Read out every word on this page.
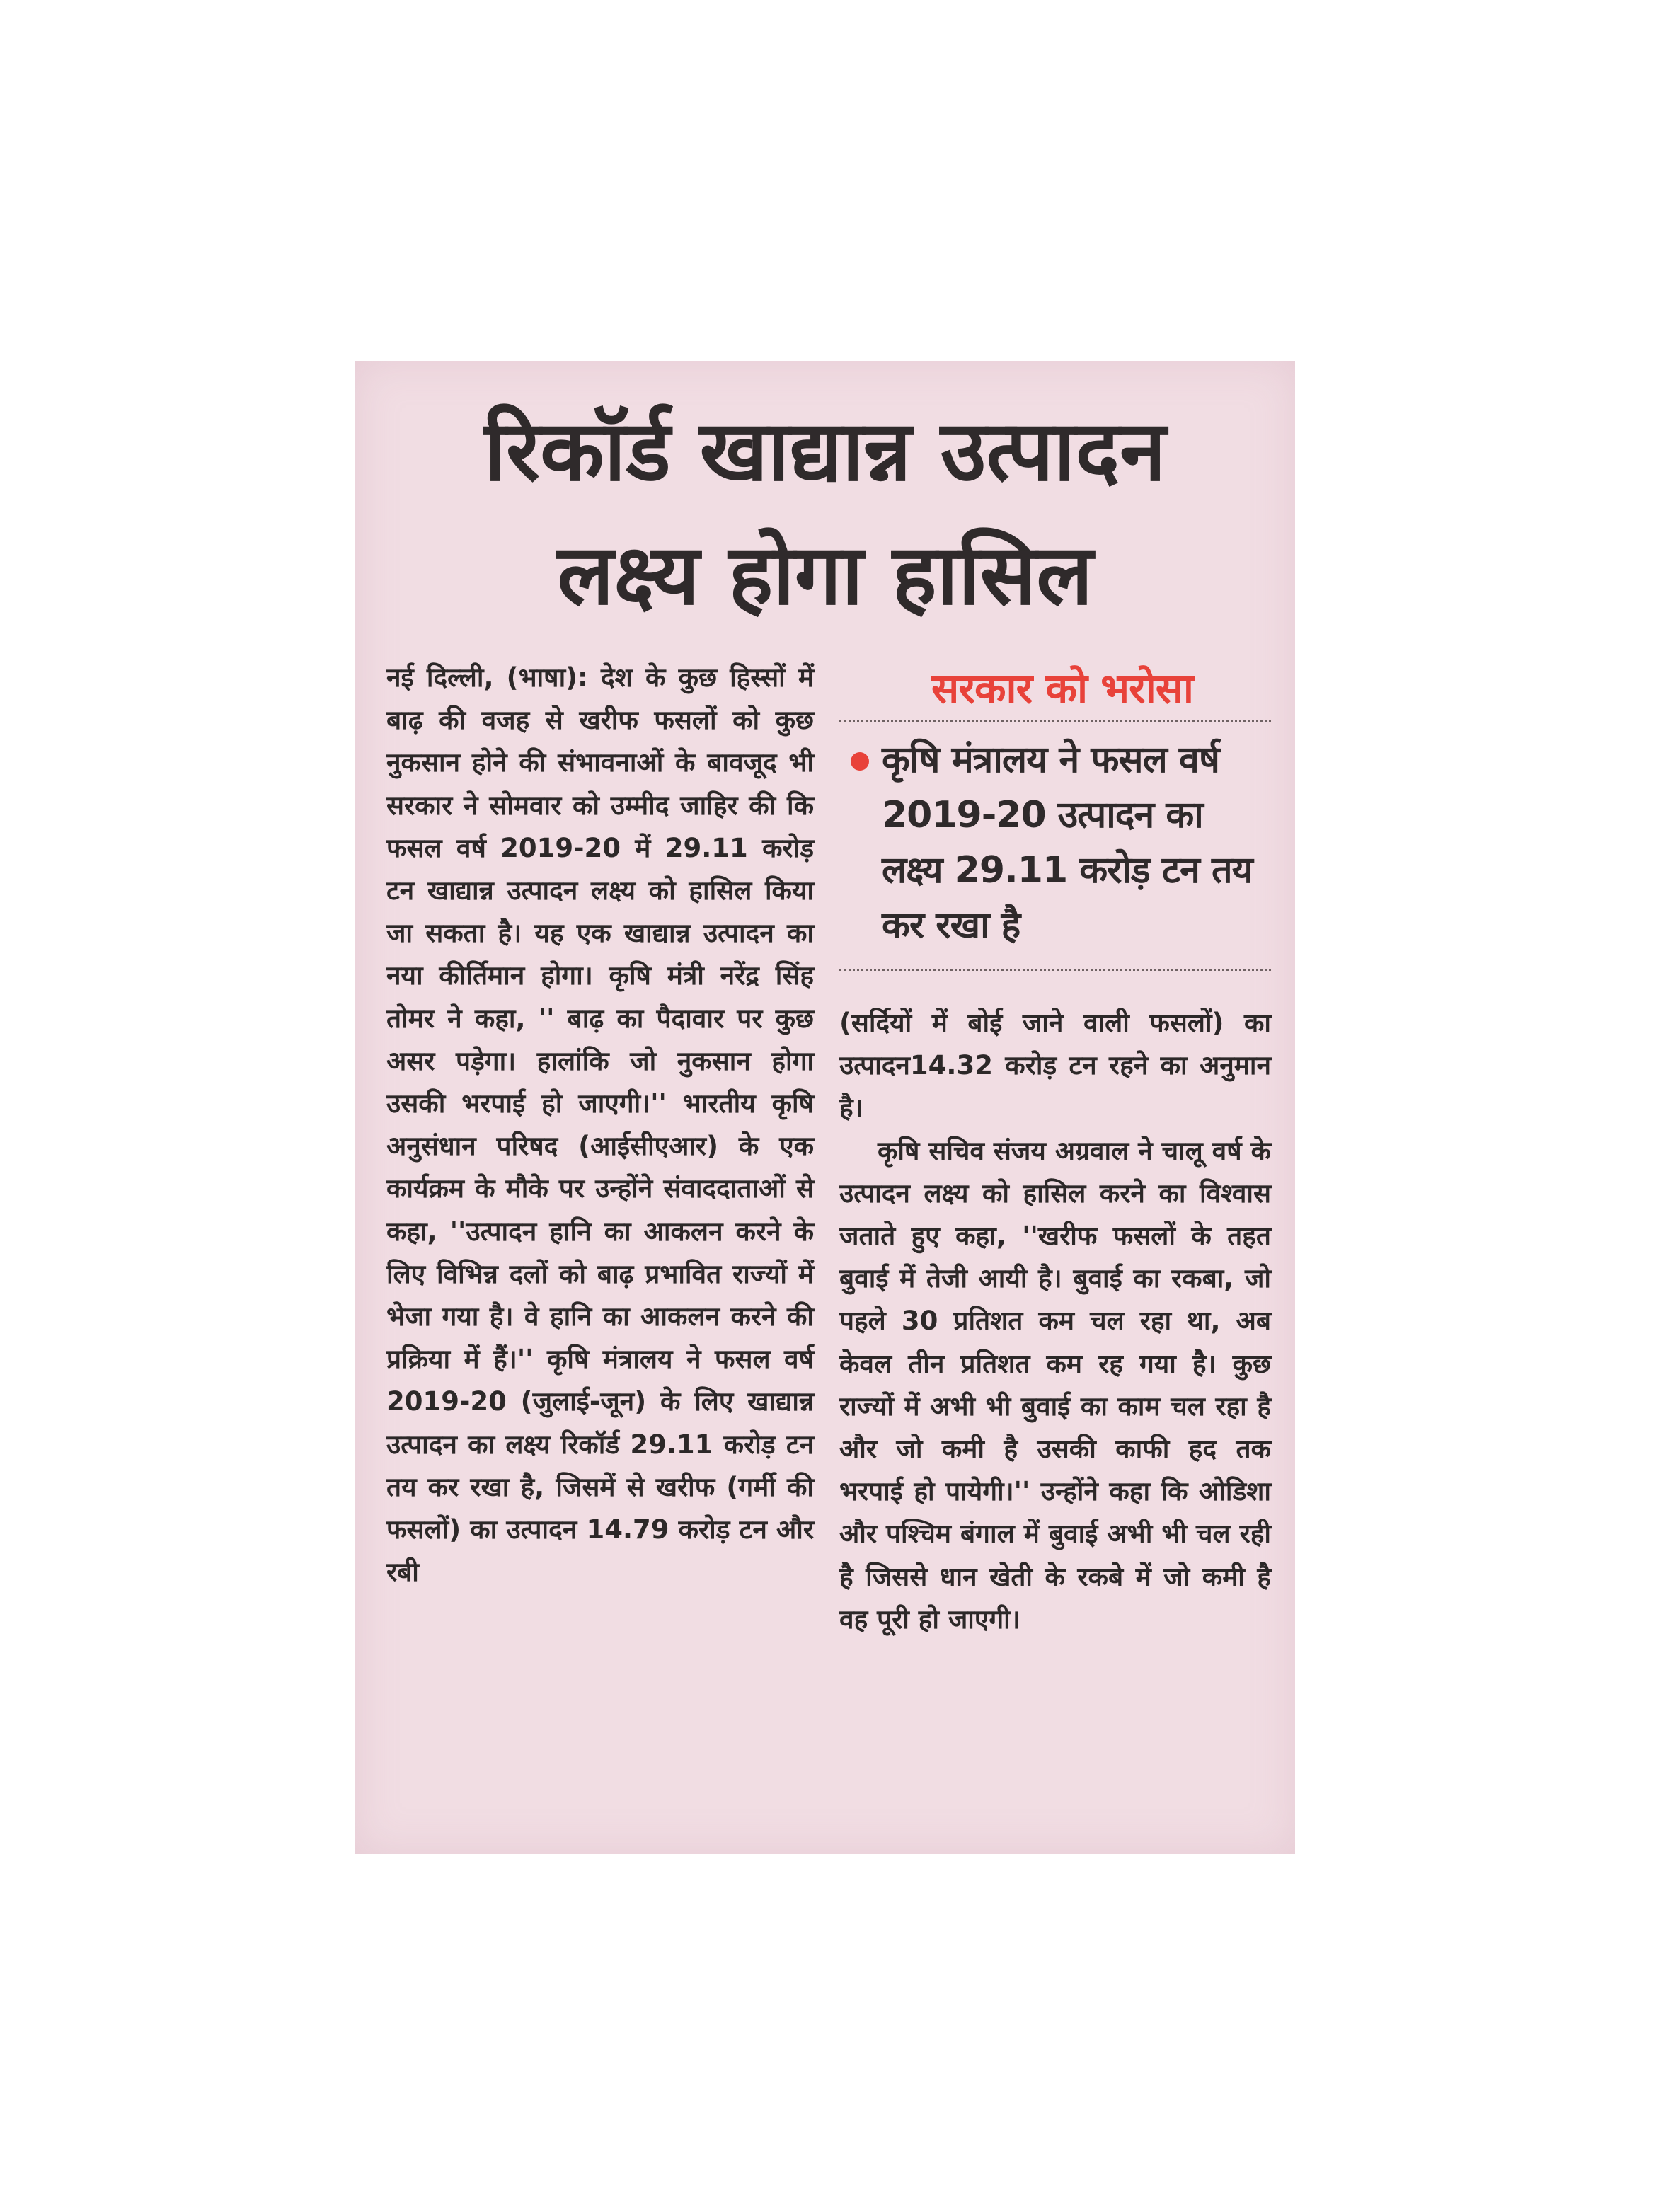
रिकॉर्ड खाद्यान्न उत्पादन
लक्ष्य होगा हासिल

नई दिल्ली, (भाषा): देश के कुछ हिस्सों में बाढ़ की वजह से खरीफ फसलों को कुछ नुकसान होने की संभावनाओं के बावजूद भी सरकार ने सोमवार को उम्मीद जाहिर की कि फसल वर्ष 2019-20 में 29.11 करोड़ टन खाद्यान्न उत्पादन लक्ष्य को हासिल किया जा सकता है। यह एक खाद्यान्न उत्पादन का नया कीर्तिमान होगा। कृषि मंत्री नरेंद्र सिंह तोमर ने कहा, '' बाढ़ का पैदावार पर कुछ असर पड़ेगा। हालांकि जो नुकसान होगा उसकी भरपाई हो जाएगी।'' भारतीय कृषि अनुसंधान परिषद (आईसीएआर) के एक कार्यक्रम के मौके पर उन्होंने संवाददाताओं से कहा, ''उत्पादन हानि का आकलन करने के लिए विभिन्न दलों को बाढ़ प्रभावित राज्यों में भेजा गया है। वे हानि का आकलन करने की प्रक्रिया में हैं।'' कृषि मंत्रालय ने फसल वर्ष 2019-20 (जुलाई-जून) के लिए खाद्यान्न उत्पादन का लक्ष्य रिकॉर्ड 29.11 करोड़ टन तय कर रखा है, जिसमें से खरीफ (गर्मी की फसलों) का उत्पादन 14.79 करोड़ टन और रबी

सरकार को भरोसा

कृषि मंत्रालय ने फसल वर्ष 2019-20 उत्पादन का लक्ष्य 29.11 करोड़ टन तय कर रखा है

(सर्दियों में बोई जाने वाली फसलों) का उत्पादन14.32 करोड़ टन रहने का अनुमान है।

कृषि सचिव संजय अग्रवाल ने चालू वर्ष के उत्पादन लक्ष्य को हासिल करने का विश्वास जताते हुए कहा, ''खरीफ फसलों के तहत बुवाई में तेजी आयी है। बुवाई का रकबा, जो पहले 30 प्रतिशत कम चल रहा था, अब केवल तीन प्रतिशत कम रह गया है। कुछ राज्यों में अभी भी बुवाई का काम चल रहा है और जो कमी है उसकी काफी हद तक भरपाई हो पायेगी।'' उन्होंने कहा कि ओडिशा और पश्चिम बंगाल में बुवाई अभी भी चल रही है जिससे धान खेती के रकबे में जो कमी है वह पूरी हो जाएगी।
